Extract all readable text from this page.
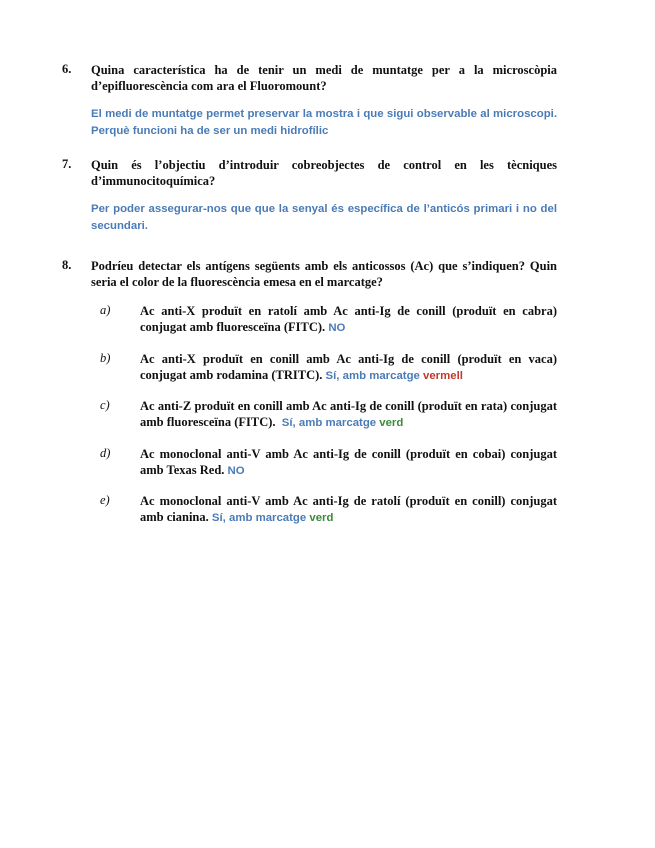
6. Quina característica ha de tenir un medi de muntatge per a la microscòpia d’epifluorescència com ara el Fluoromount?
El medi de muntatge permet preservar la mostra i que sigui observable al microscopi. Perquè funcioni ha de ser un medi hidrofílic
7. Quin és l’objectiu d’introduir cobreobjectes de control en les tècniques d’immunocitoquímica?
Per poder assegurar-nos que que la senyal és específica de l’anticós primari i no del secundari.
8. Podríeu detectar els antígens següents amb els anticossos (Ac) que s’indiquen? Quin seria el color de la fluorescència emesa en el marcatge?
a) Ac anti-X produït en ratolí amb Ac anti-Ig de conill (produït en cabra) conjugat amb fluoresceïna (FITC). NO
b) Ac anti-X produït en conill amb Ac anti-Ig de conill (produït en vaca) conjugat amb rodamina (TRITC). Sí, amb marcatge vermell
c) Ac anti-Z produït en conill amb Ac anti-Ig de conill (produït en rata) conjugat amb fluoresceïna (FITC). Sí, amb marcatge verd
d) Ac monoclonal anti-V amb Ac anti-Ig de conill (produït en cobai) conjugat amb Texas Red. NO
e) Ac monoclonal anti-V amb Ac anti-Ig de ratolí (produït en conill) conjugat amb cianina. Sí, amb marcatge verd
